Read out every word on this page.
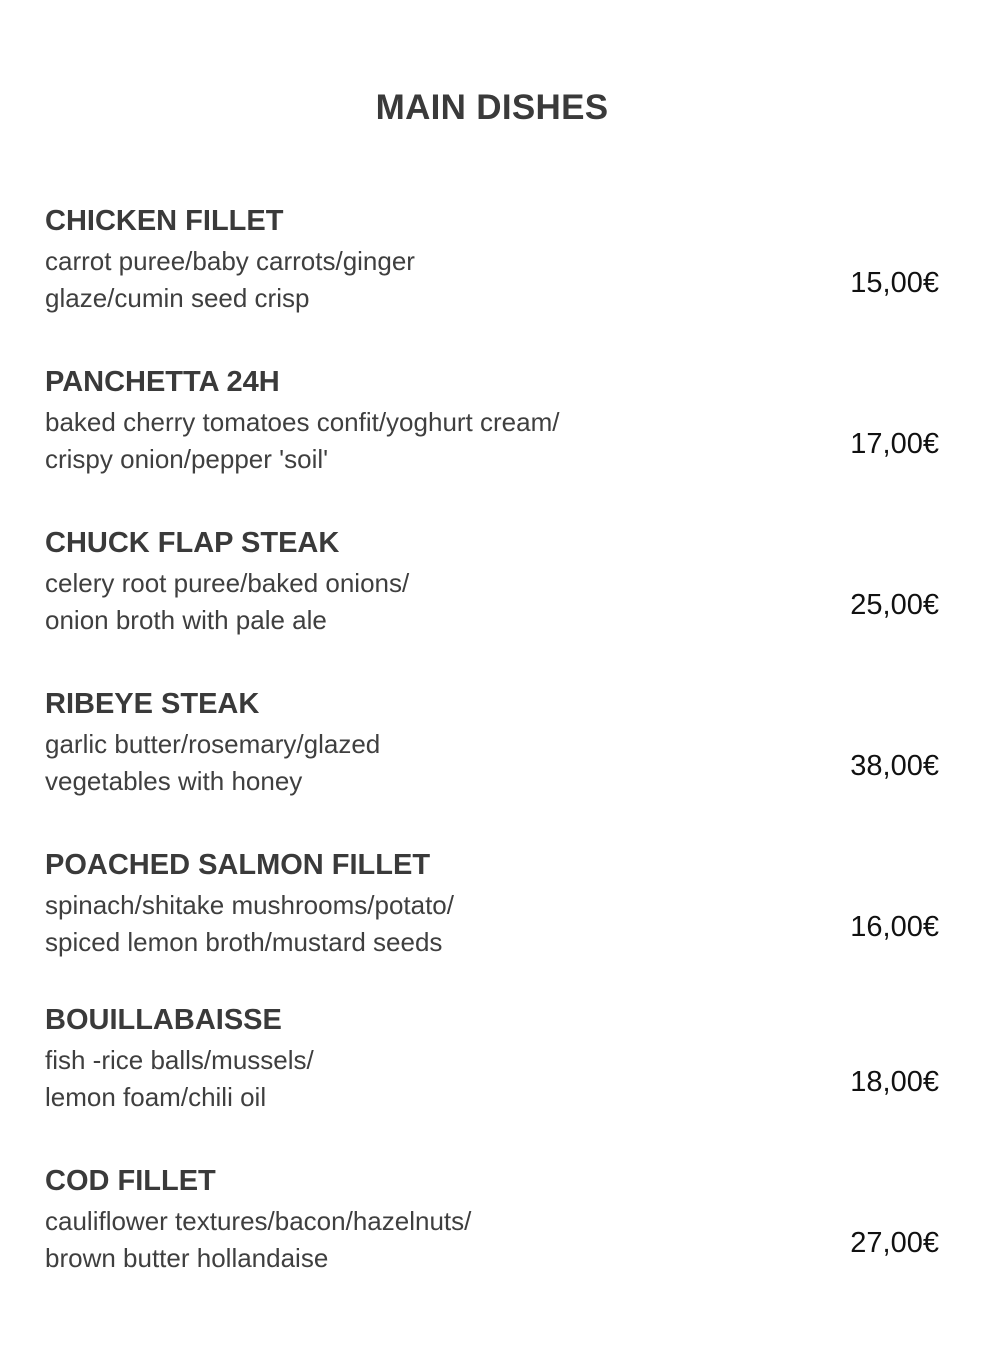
MAIN DISHES
CHICKEN FILLET
carrot puree/baby carrots/ginger
glaze/cumin seed crisp	15,00€
PANCHETTA 24H
baked cherry tomatoes confit/yoghurt cream/
crispy onion/pepper 'soil'	17,00€
CHUCK FLAP STEAK
celery root puree/baked onions/
onion broth with pale ale	25,00€
RIBEYE STEAK
garlic butter/rosemary/glazed
vegetables with honey	38,00€
POACHED SALMON FILLET
spinach/shitake mushrooms/potato/
spiced lemon broth/mustard seeds	16,00€
BOUILLABAISSE
fish -rice balls/mussels/
lemon foam/chili oil	18,00€
COD FILLET
cauliflower textures/bacon/hazelnuts/
brown butter hollandaise	27,00€
